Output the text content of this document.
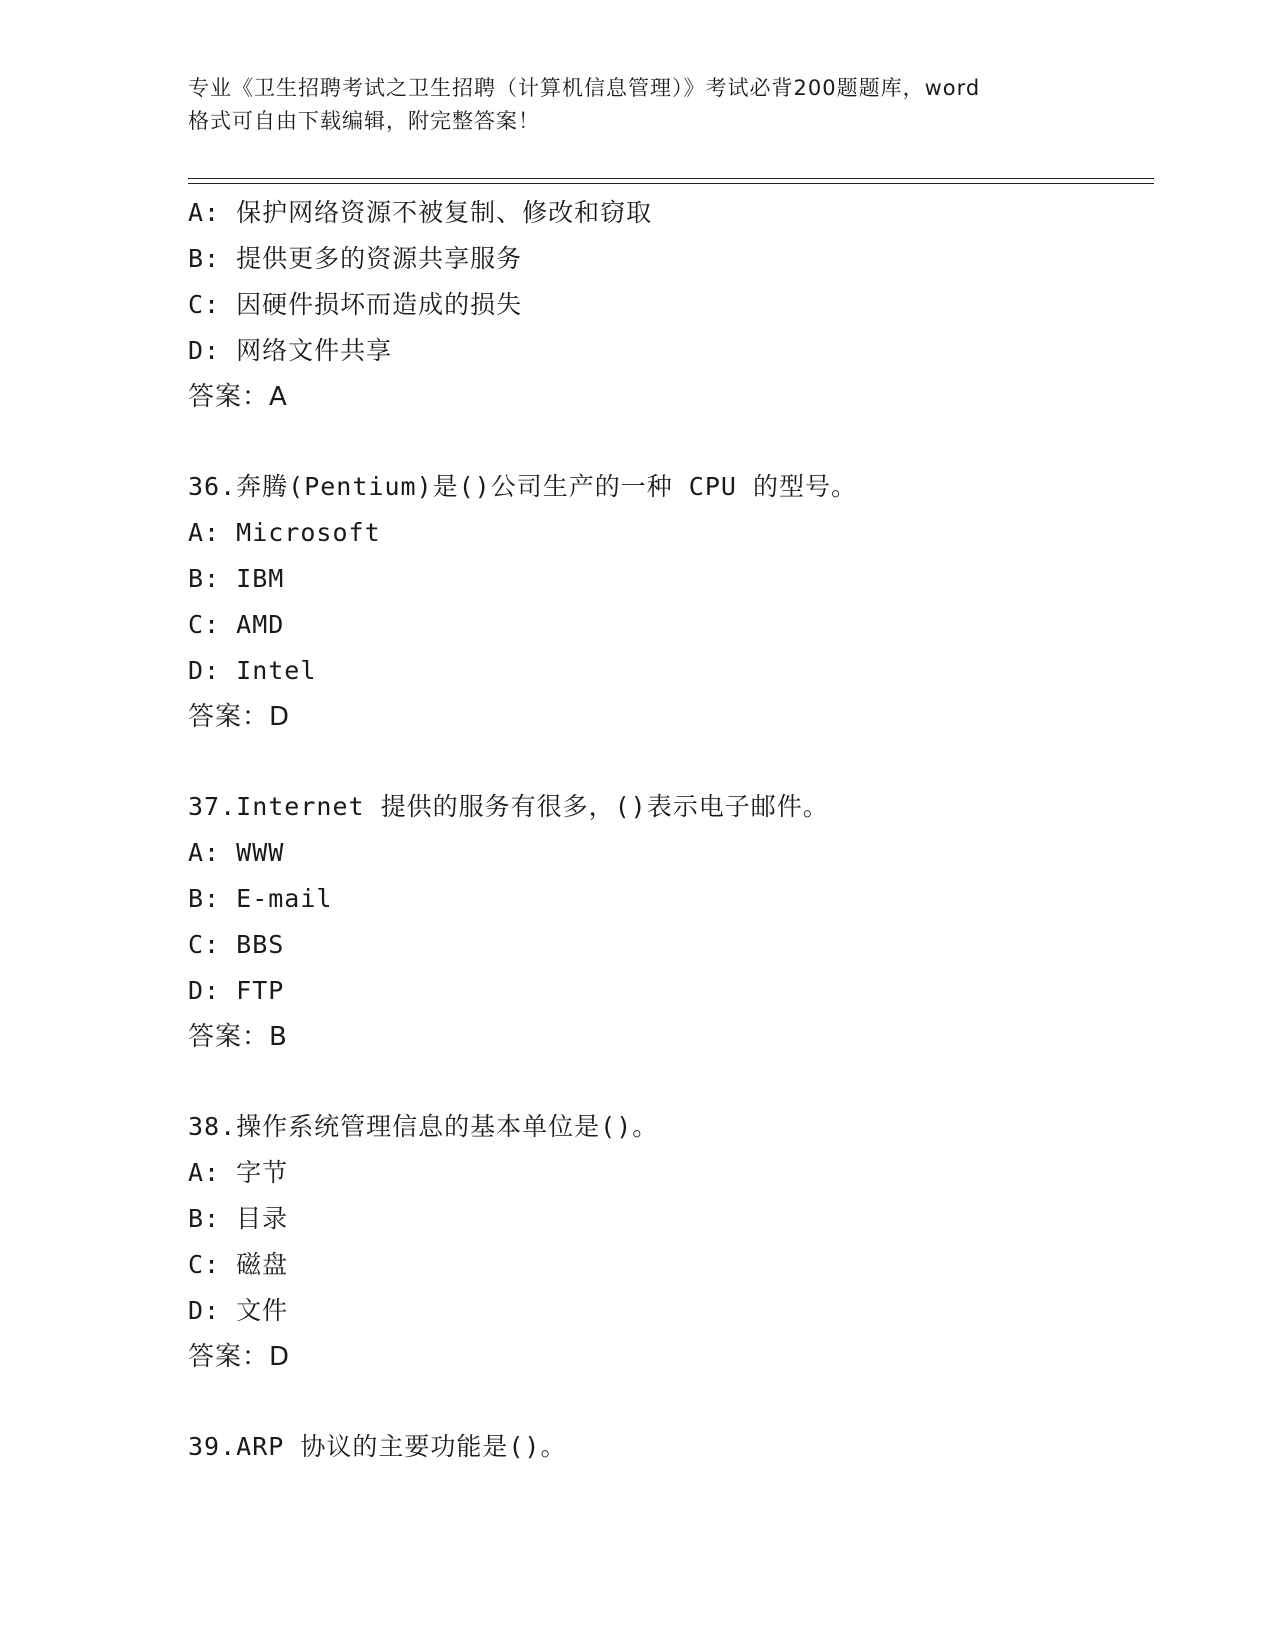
专业《卫生招聘考试之卫生招聘（计算机信息管理）》考试必背200题题库，word
格式可自由下载编辑，附完整答案！
A: 保护网络资源不被复制、修改和窃取
B: 提供更多的资源共享服务
C: 因硬件损坏而造成的损失
D: 网络文件共享
答案：A
36.奔腾(Pentium)是()公司生产的一种 CPU 的型号。
A: Microsoft
B: IBM
C: AMD
D: Intel
答案：D
37.Internet 提供的服务有很多，()表示电子邮件。
A: WWW
B: E-mail
C: BBS
D: FTP
答案：B
38.操作系统管理信息的基本单位是()。
A: 字节
B: 目录
C: 磁盘
D: 文件
答案：D
39.ARP 协议的主要功能是()。
